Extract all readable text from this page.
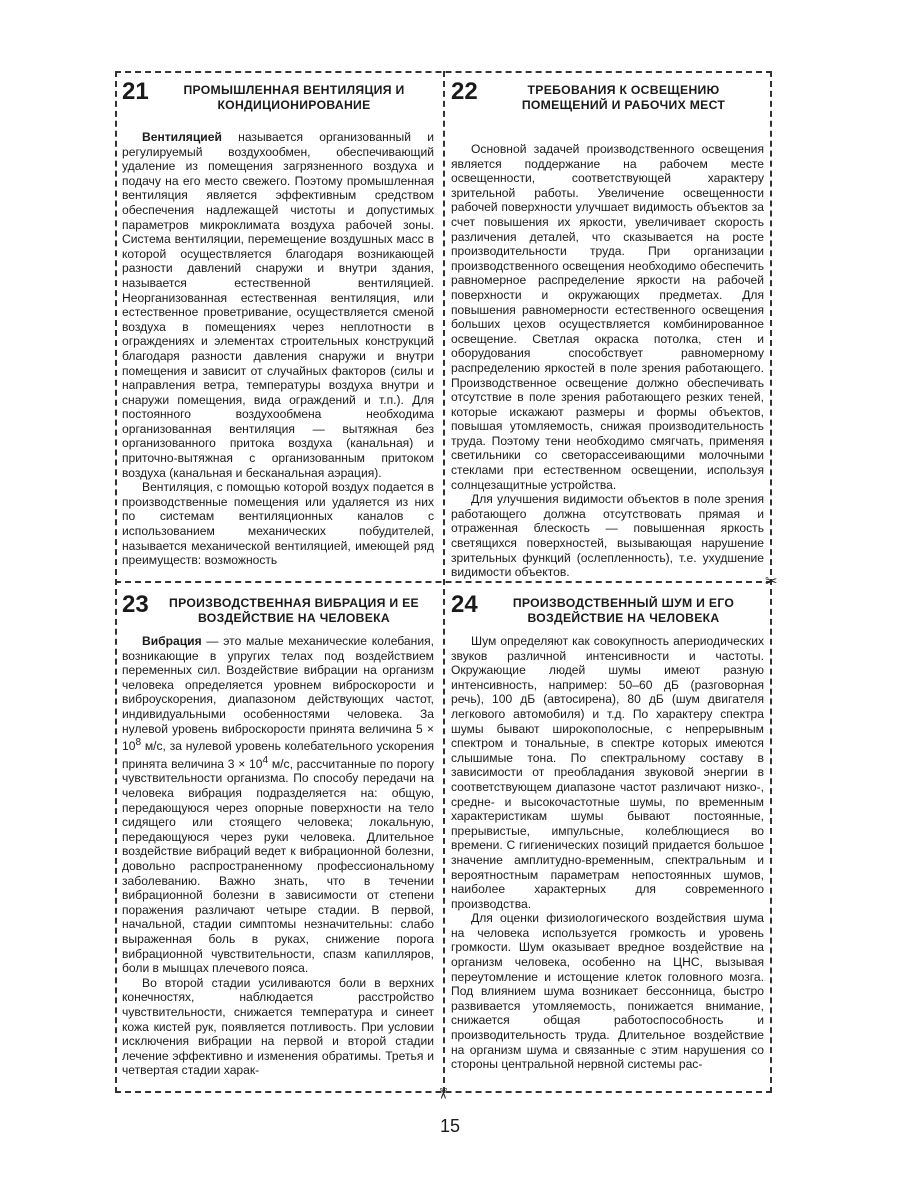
✂
✂
21	ПРОМЫШЛЕННАЯ ВЕНТИЛЯЦИЯ И КОНДИЦИОНИРОВАНИЕ

Вентиляцией называется организованный и регулируемый воздухообмен, обеспечивающий удаление из помещения загрязненного воздуха и подачу на его место свежего. Поэтому промышленная вентиляция является эффективным средством обеспечения надлежащей чистоты и допустимых параметров микроклимата воздуха рабочей зоны. Система вентиляции, перемещение воздушных масс в которой осуществляется благодаря возникающей разности давлений снаружи и внутри здания, называется естественной вентиляцией. Неорганизованная естественная вентиляция, или естественное проветривание, осуществляется сменой воздуха в помещениях через неплотности в ограждениях и элементах строительных конструкций благодаря разности давления снаружи и внутри помещения и зависит от случайных факторов (силы и направления ветра, температуры воздуха внутри и снаружи помещения, вида ограждений и т.п.). Для постоянного воздухообмена необходима организованная вентиляция — вытяжная без организованного притока воздуха (канальная) и приточно-вытяжная с организованным притоком воздуха (канальная и бесканальная аэрация).

Вентиляция, с помощью которой воздух подается в производственные помещения или удаляется из них по системам вентиляционных каналов с использованием механических побудителей, называется механической вентиляцией, имеющей ряд преимуществ: возможность

22	ТРЕБОВАНИЯ К ОСВЕЩЕНИЮ ПОМЕЩЕНИЙ И РАБОЧИХ МЕСТ

Основной задачей производственного освещения является поддержание на рабочем месте освещенности, соответствующей характеру зрительной работы. Увеличение освещенности рабочей поверхности улучшает видимость объектов за счет повышения их яркости, увеличивает скорость различения деталей, что сказывается на росте производительности труда. При организации производственного освещения необходимо обеспечить равномерное распределение яркости на рабочей поверхности и окружающих предметах. Для повышения равномерности естественного освещения больших цехов осуществляется комбинированное освещение. Светлая окраска потолка, стен и оборудования способствует равномерному распределению яркостей в поле зрения работающего. Производственное освещение должно обеспечивать отсутствие в поле зрения работающего резких теней, которые искажают размеры и формы объектов, повышая утомляемость, снижая производительность труда. Поэтому тени необходимо смягчать, применяя светильники со светорассеивающими молочными стеклами при естественном освещении, используя солнцезащитные устройства.

Для улучшения видимости объектов в поле зрения работающего должна отсутствовать прямая и отраженная блескость — повышенная яркость светящихся поверхностей, вызывающая нарушение зрительных функций (ослепленность), т.е. ухудшение видимости объектов.

23	ПРОИЗВОДСТВЕННАЯ ВИБРАЦИЯ И ЕЕ ВОЗДЕЙСТВИЕ НА ЧЕЛОВЕКА

Вибрация — это малые механические колебания, возникающие в упругих телах под воздействием переменных сил. Воздействие вибрации на организм человека определяется уровнем виброскорости и виброускорения, диапазоном действующих частот, индивидуальными особенностями человека. За нулевой уровень виброскорости принята величина $5 \times 10^8$ м/с, за нулевой уровень колебательного ускорения принята величина $3 \times 10^4$ м/с, рассчитанные по порогу чувствительности организма. По способу передачи на человека вибрация подразделяется на: общую, передающуюся через опорные поверхности на тело сидящего или стоящего человека; локальную, передающуюся через руки человека. Длительное воздействие вибраций ведет к вибрационной болезни, довольно распространенному профессиональному заболеванию. Важно знать, что в течении вибрационной болезни в зависимости от степени поражения различают четыре стадии. В первой, начальной, стадии симптомы незначительны: слабо выраженная боль в руках, снижение порога вибрационной чувствительности, спазм капилляров, боли в мышцах плечевого пояса.

Во второй стадии усиливаются боли в верхних конечностях, наблюдается расстройство чувствительности, снижается температура и синеет кожа кистей рук, появляется потливость. При условии исключения вибрации на первой и второй стадии лечение эффективно и изменения обратимы. Третья и четвертая стадии харак-

24	ПРОИЗВОДСТВЕННЫЙ ШУМ И ЕГО ВОЗДЕЙСТВИЕ НА ЧЕЛОВЕКА

Шум определяют как совокупность апериодических звуков различной интенсивности и частоты. Окружающие людей шумы имеют разную интенсивность, например: 50–60 дБ (разговорная речь), 100 дБ (автосирена), 80 дБ (шум двигателя легкового автомобиля) и т.д. По характеру спектра шумы бывают широкополосные, с непрерывным спектром и тональные, в спектре которых имеются слышимые тона. По спектральному составу в зависимости от преобладания звуковой энергии в соответствующем диапазоне частот различают низко-, средне- и высокочастотные шумы, по временным характеристикам шумы бывают постоянные, прерывистые, импульсные, колеблющиеся во времени. С гигиенических позиций придается большое значение амплитудно-временным, спектральным и вероятностным параметрам непостоянных шумов, наиболее характерных для современного производства.

Для оценки физиологического воздействия шума на человека используется громкость и уровень громкости. Шум оказывает вредное воздействие на организм человека, особенно на ЦНС, вызывая переутомление и истощение клеток головного мозга. Под влиянием шума возникает бессонница, быстро развивается утомляемость, понижается внимание, снижается общая работоспособность и производительность труда. Длительное воздействие на организм шума и связанные с этим нарушения со стороны центральной нервной системы рас-

15
